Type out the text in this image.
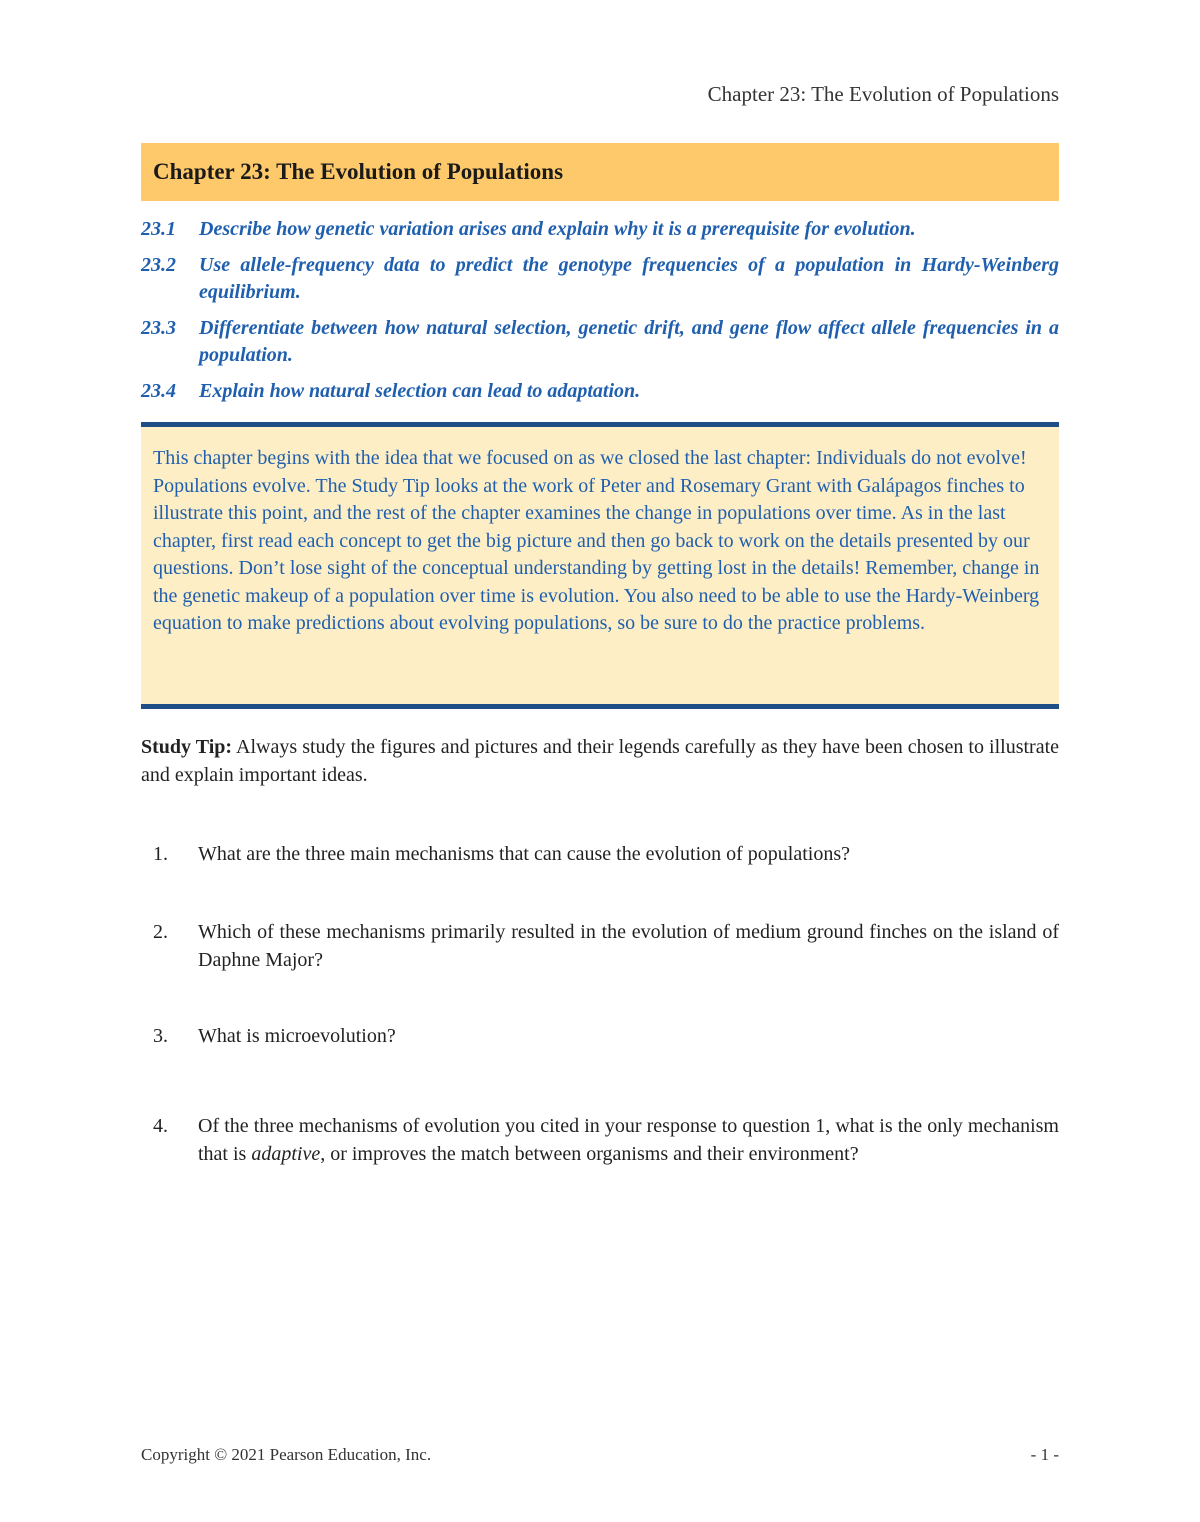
Chapter 23: The Evolution of Populations
Chapter 23: The Evolution of Populations
23.1	Describe how genetic variation arises and explain why it is a prerequisite for evolution.
23.2	Use allele-frequency data to predict the genotype frequencies of a population in Hardy-Weinberg equilibrium.
23.3	Differentiate between how natural selection, genetic drift, and gene flow affect allele frequencies in a population.
23.4	Explain how natural selection can lead to adaptation.

This chapter begins with the idea that we focused on as we closed the last chapter: Individuals do not evolve! Populations evolve. The Study Tip looks at the work of Peter and Rosemary Grant with Galápagos finches to illustrate this point, and the rest of the chapter examines the change in populations over time. As in the last chapter, first read each concept to get the big picture and then go back to work on the details presented by our questions. Don’t lose sight of the conceptual understanding by getting lost in the details! Remember, change in the genetic makeup of a population over time is evolution. You also need to be able to use the Hardy-Weinberg equation to make predictions about evolving populations, so be sure to do the practice problems.

Study Tip: Always study the figures and pictures and their legends carefully as they have been chosen to illustrate and explain important ideas.

1.	What are the three main mechanisms that can cause the evolution of populations?
2.	Which of these mechanisms primarily resulted in the evolution of medium ground finches on the island of Daphne Major?
3.	What is microevolution?
4.	Of the three mechanisms of evolution you cited in your response to question 1, what is the only mechanism that is adaptive, or improves the match between organisms and their environment?
Copyright © 2021 Pearson Education, Inc.	- 1 -
